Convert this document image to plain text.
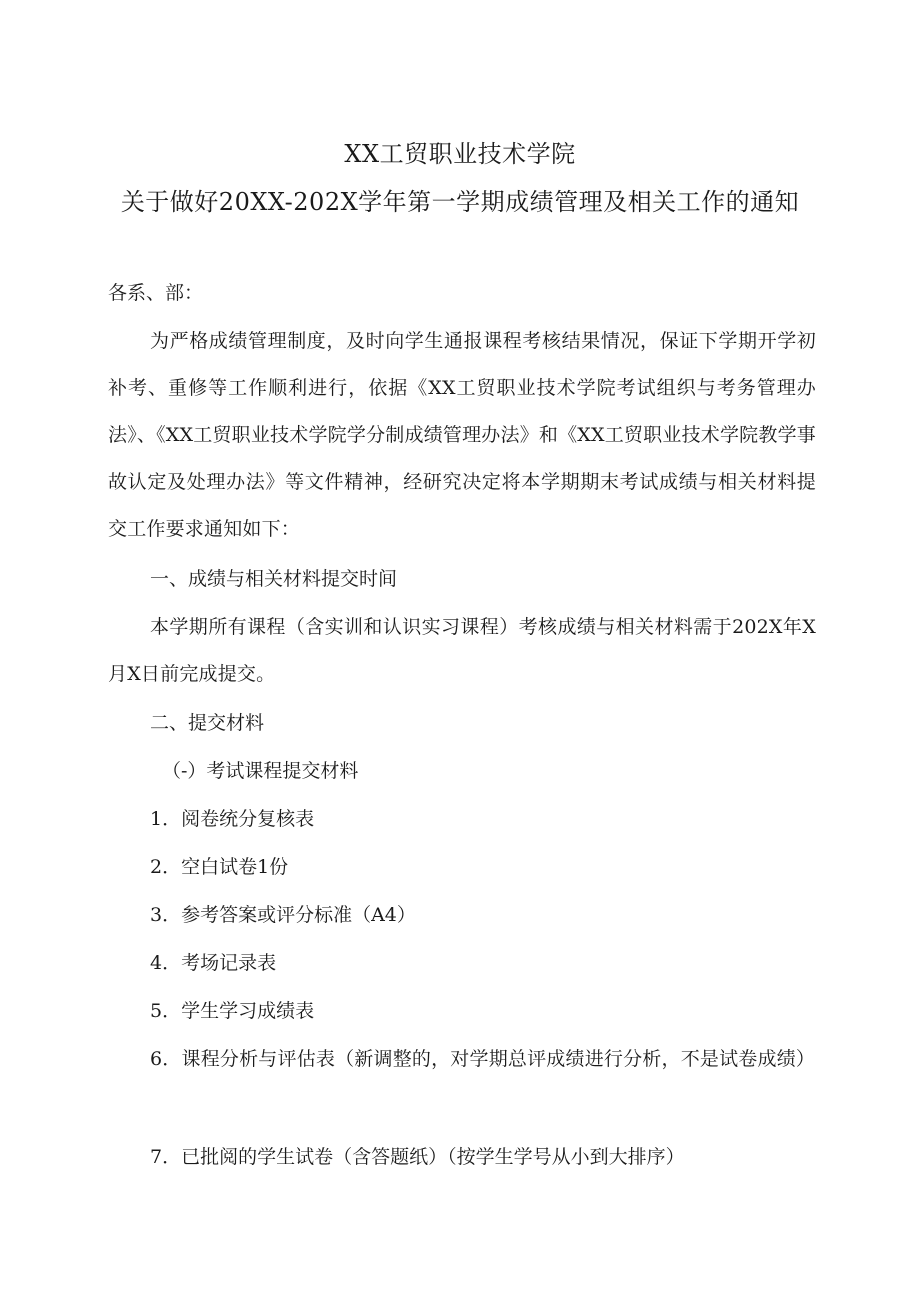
XX工贸职业技术学院
关于做好20XX-202X学年第一学期成绩管理及相关工作的通知
各系、部：
为严格成绩管理制度，及时向学生通报课程考核结果情况，保证下学期开学初补考、重修等工作顺利进行，依据《XX工贸职业技术学院考试组织与考务管理办法》、《XX工贸职业技术学院学分制成绩管理办法》和《XX工贸职业技术学院教学事故认定及处理办法》等文件精神，经研究决定将本学期期末考试成绩与相关材料提交工作要求通知如下：
一、成绩与相关材料提交时间
本学期所有课程（含实训和认识实习课程）考核成绩与相关材料需于202X年X月X日前完成提交。
二、提交材料
（-）考试课程提交材料
1．阅卷统分复核表
2．空白试卷1份
3．参考答案或评分标准（A4）
4．考场记录表
5．学生学习成绩表
6．课程分析与评估表（新调整的，对学期总评成绩进行分析，不是试卷成绩）
7．已批阅的学生试卷（含答题纸）（按学生学号从小到大排序）
